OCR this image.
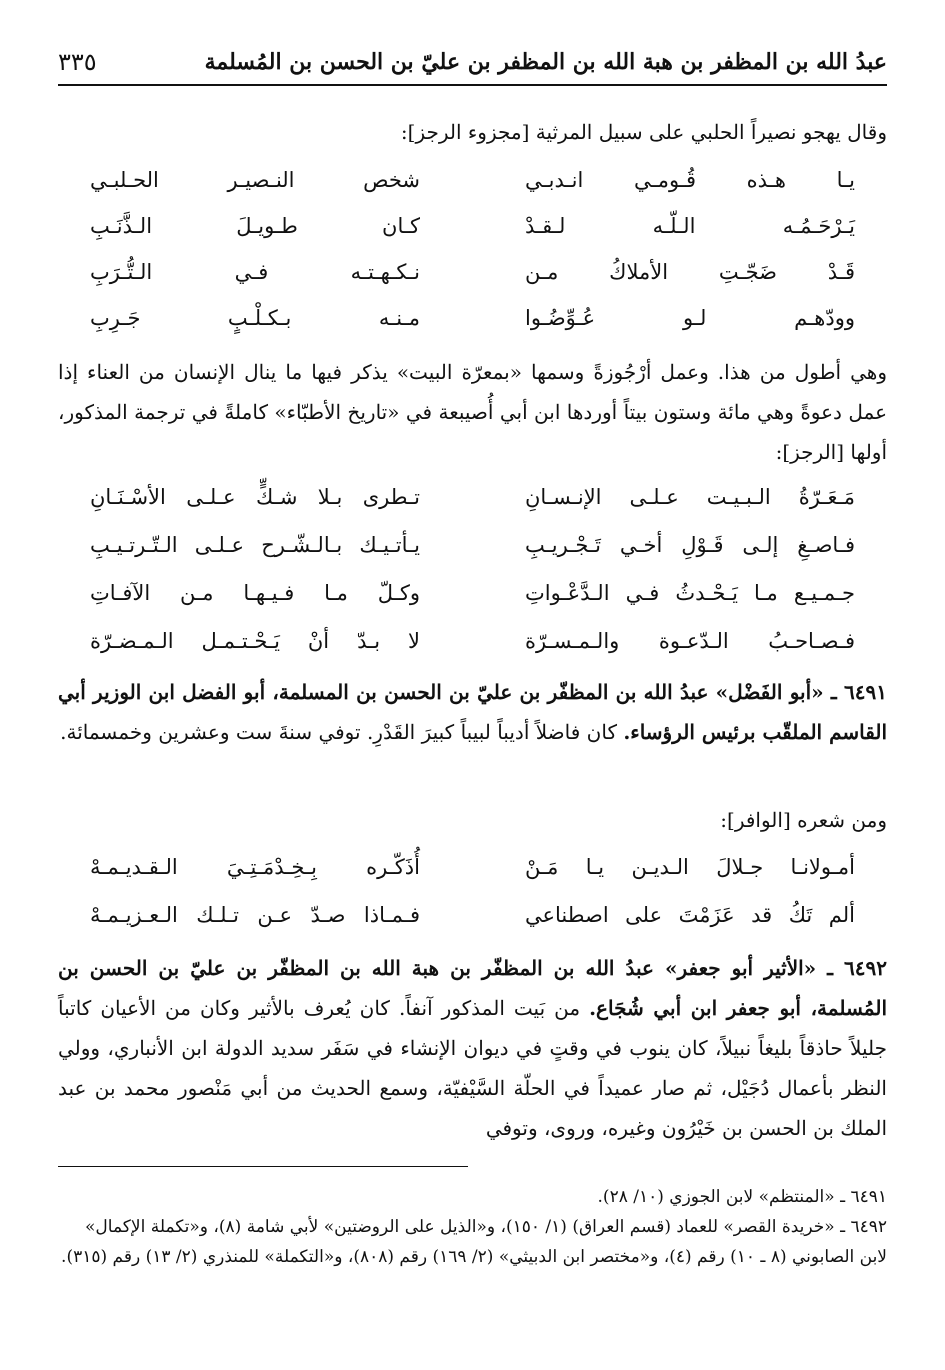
عبدُ الله بن المظفر بن هبة الله بن المظفر بن عليّ بن الحسن بن المُسلمة
٣٣٥
وقال يهجو نصيراً الحلبي على سبيل المرثية [مجزوء الرجز]:
يـا هـذه قُـومـي انـدبـي
شخص النـصيـر الحـلبـي
يَـرْحَـمُـه الـلّـه لـقـدْ
كـان طـويـلَ الـذَّنَـبِ
قَـدْ ضَجّـتِ الأملاكُ مـن
نـكـهـتـه فـي الـتُّـرَبِ
وودّهـم لـو عُـوِّضُـوا
مـنـه بـكـلْـبٍ جَـرِبِ
وهي أطول من هذا. وعمل أرْجُوزةً وسمها «بمعرّة البيت» يذكر فيها ما ينال الإنسان من العناء إذا عمل دعوةً وهي مائة وستون بيتاً أوردها ابن أبي أُصيبعة في «تاريخ الأطبّاء» كاملةً في ترجمة المذكور، أولها [الرجز]:
مَـعَـرّةُ الـبـيـت عـلـى الإنـسـانِ
تـطرى بـلا شـكٍّ عـلـى الأسْـنَـانِ
فـاصـغِ إلـى قَـوْلِ أخـي تَـجْـريـبِ
يـأتـيـك بـالـشّـرح عـلـى الـتّـرتـيـبِ
جـمـيـع مـا يَـحْـدثُ فـي الـدَّعْـواتِ
وكـلّ مـا فـيـهـا مـن الآفـاتِ
فـصـاحـبُ الـدّعـوة والـمـسـرّة
لا بـدّ أنْ يَـحْـتـمـل الـمـضـرّة
٦٤٩١ ـ «أبو الفَضْل» عبدُ الله بن المظفّر بن عليّ بن الحسن بن المسلمة، أبو الفضل ابن الوزير أبي القاسم الملقّب برئيس الرؤساء. كان فاضلاً أديباً لبيباً كبيرَ القَدْرِ. توفي سنةَ ست وعشرين وخمسمائة.
ومن شعره [الوافر]:
أمـولانـا جـلالَ الـديـن يـا مَـنْ
أُذَكّـره بِـخِـدْمَـتِـيَ الـقـديـمـهْ
ألم تَكُ قد عَزَمْتَ على اصطناعي
فـمـاذا صـدّ عـن تـلـك الـعـزيـمـهْ
٦٤٩٢ ـ «الأثير أبو جعفر» عبدُ الله بن المظفّر بن هبة الله بن المظفّر بن عليّ بن الحسن بن المُسلمة، أبو جعفر ابن أبي شُجَاع. من بَيت المذكور آنفاً. كان يُعرف بالأثير وكان من الأعيان كاتباً جليلاً حاذقاً بليغاً نبيلاً، كان ينوب في وقتٍ في ديوان الإنشاء في سَفَر سديد الدولة ابن الأنباري، وولي النظر بأعمال دُجَيْل، ثم صار عميداً في الحلّة السَّيْفيّة، وسمع الحديث من أبي مَنْصور محمد بن عبد الملك بن الحسن بن خَيْرُون وغيره، وروى، وتوفي
٦٤٩١ ـ «المنتظم» لابن الجوزي (١٠/ ٢٨).
٦٤٩٢ ـ «خريدة القصر» للعماد (قسم العراق) (١/ ١٥٠)، و«الذيل على الروضتين» لأبي شامة (٨)، و«تكملة الإكمال» لابن الصابوني (٨ ـ ١٠) رقم (٤)، و«مختصر ابن الدبيثي» (٢/ ١٦٩) رقم (٨٠٨)، و«التكملة» للمنذري (٢/ ١٣) رقم (٣١٥).
